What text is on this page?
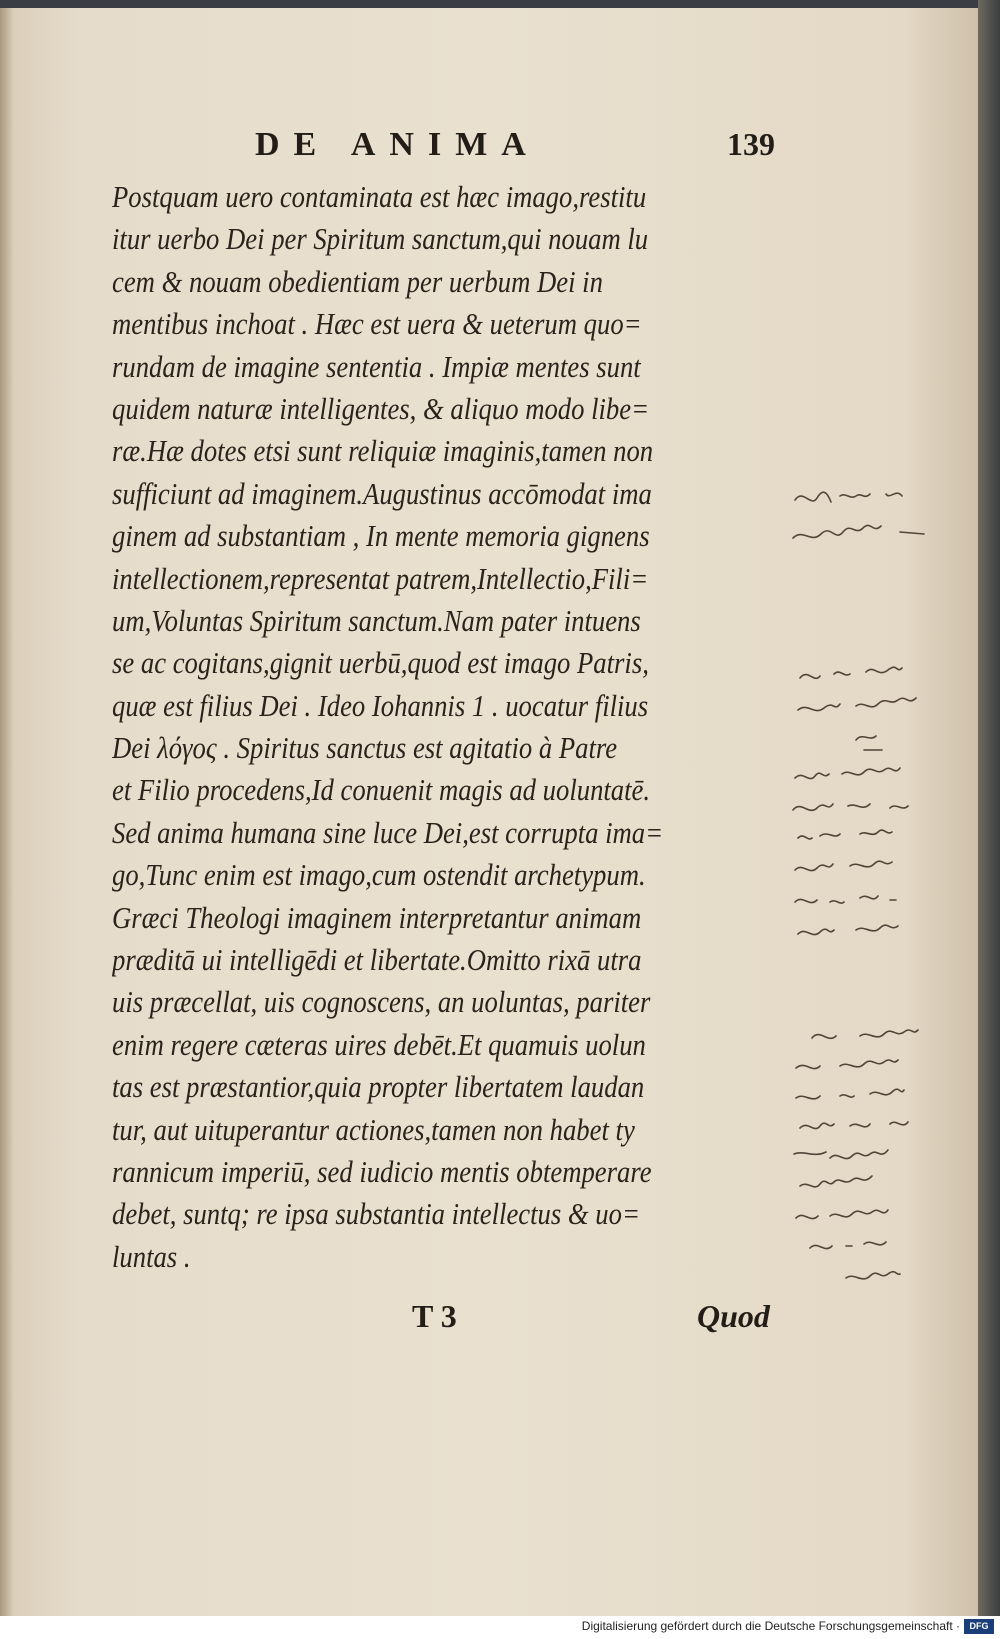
DE ANIMA	139
Postquam uero contaminata est hæc imago,restitu
itur uerbo Dei per Spiritum sanctum,qui nouam lu
cem & nouam obedientiam per uerbum Dei in
mentibus inchoat . Hæc est uera & ueterum quo=
rundam de imagine sententia . Impiæ mentes sunt
quidem naturæ intelligentes, & aliquo modo libe=
ræ.Hæ dotes etsi sunt reliquiæ imaginis,tamen non
sufficiunt ad imaginem.Augustinus accōmodat ima
ginem ad substantiam , In mente memoria gignens
intellectionem,representat patrem,Intellectio,Fili=
um,Voluntas Spiritum sanctum.Nam pater intuens
se ac cogitans,gignit uerbū,quod est imago Patris,
quæ est filius Dei . Ideo Iohannis 1 . uocatur filius
Dei λόγος . Spiritus sanctus est agitatio à Patre
et Filio procedens,Id conuenit magis ad uoluntatē.
Sed anima humana sine luce Dei,est corrupta ima=
go,Tunc enim est imago,cum ostendit archetypum.
Græci Theologi imaginem interpretantur animam
præditā ui intelligēdi et libertate.Omitto rixā utra
uis præcellat, uis cognoscens, an uoluntas, pariter
enim regere cæteras uires debēt.Et quamuis uolun
tas est præstantior,quia propter libertatem laudan
tur, aut uituperantur actiones,tamen non habet ty
rannicum imperiū, sed iudicio mentis obtemperare
debet, suntq; re ipsa substantia intellectus & uo=
luntas .
T 3	Quod
Digitalisierung gefördert durch die Deutsche Forschungsgemeinschaft ·	DFG
